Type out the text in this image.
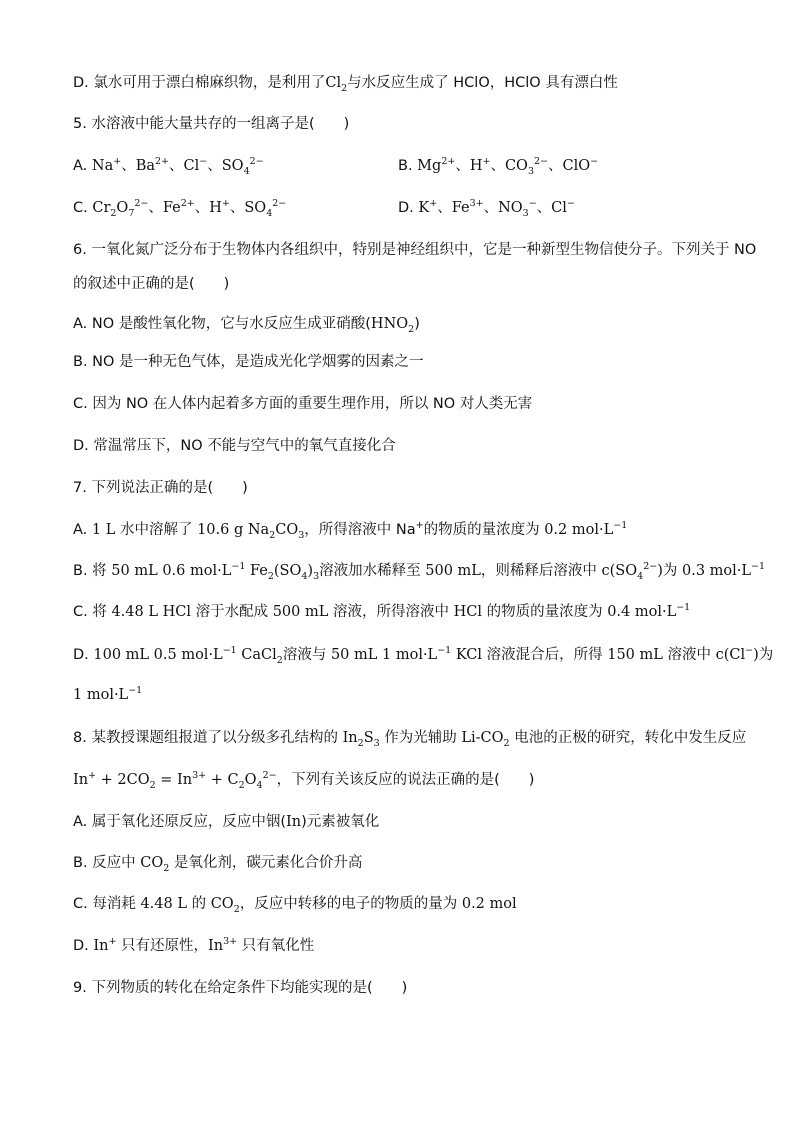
D. 氯水可用于漂白棉麻织物，是利用了$Cl_2$与水反应生成了 HClO，HClO 具有漂白性
5. 水溶液中能大量共存的一组离子是(　　)
A. Na+、$Ba^{2+}$、Cl−、$SO_4^{2-}$	B. $Mg^{2+}$、H+、$CO_3^{2-}$、ClO−
C. $Cr_2O_7^{2-}$、$Fe^{2+}$、H+、$SO_4^{2-}$	D. K+、$Fe^{3+}$、$NO_3^-$、Cl−
6. 一氧化氮广泛分布于生物体内各组织中，特别是神经组织中，它是一种新型生物信使分子。下列关于 NO
的叙述中正确的是(　　)
A. NO 是酸性氧化物，它与水反应生成亚硝酸$(HNO_2)$
B. NO 是一种无色气体，是造成光化学烟雾的因素之一
C. 因为 NO 在人体内起着多方面的重要生理作用，所以 NO 对人类无害
D. 常温常压下，NO 不能与空气中的氧气直接化合
7. 下列说法正确的是(　　)
A. 1 L 水中溶解了 10.6 g $Na_2CO_3$，所得溶液中 Na+的物质的量浓度为 0.2 $mol\cdot L^{-1}$
B. 将 50 mL 0.6 $mol\cdot L^{-1}$ $Fe_2(SO_4)_3$溶液加水稀释至 500 mL，则稀释后溶液中 $c(SO_4^{2-})$为 0.3 $mol\cdot L^{-1}$
C. 将 4.48 L HCl 溶于水配成 500 mL 溶液，所得溶液中 HCl 的物质的量浓度为 0.4 $mol\cdot L^{-1}$
D. 100 mL 0.5 $mol\cdot L^{-1}$ CaCl$_2$溶液与 50 mL 1 $mol\cdot L^{-1}$ KCl 溶液混合后，所得 150 mL 溶液中 c(Cl−)为
1 $mol\cdot L^{-1}$
8. 某教授课题组报道了以分级多孔结构的 $In_2S_3$ 作为光辅助 $Li-CO_2$ 电池的正极的研究，转化中发生反应
$In^+ + 2CO_2 = In^{3+} + C_2O_4^{2-}$，下列有关该反应的说法正确的是(　　)
A. 属于氧化还原反应，反应中铟(In)元素被氧化
B. 反应中 $CO_2$ 是氧化剂，碳元素化合价升高
C. 每消耗 4.48 L 的 $CO_2$，反应中转移的电子的物质的量为 0.2 mol
D. In+ 只有还原性，$In^{3+}$ 只有氧化性
9. 下列物质的转化在给定条件下均能实现的是(　　)
